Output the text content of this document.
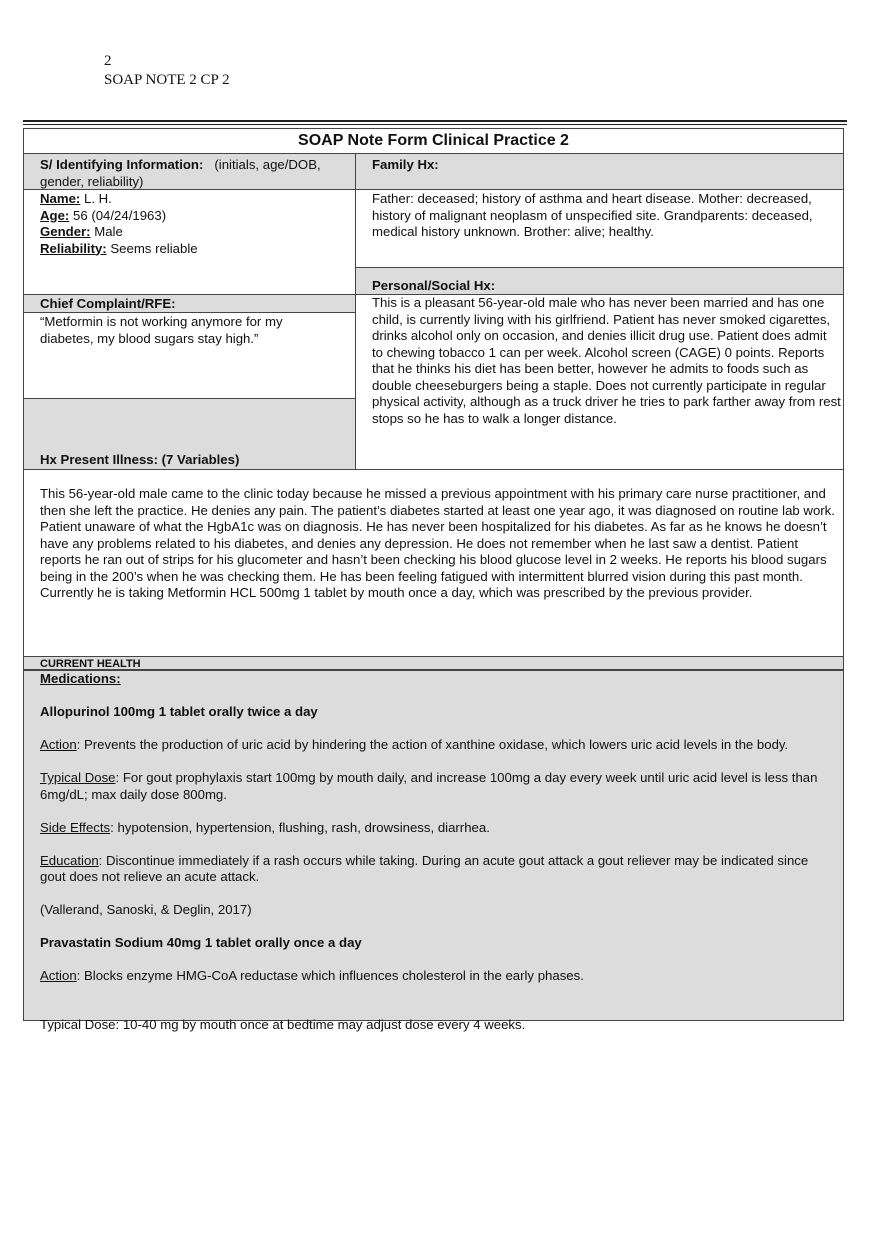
2
SOAP NOTE 2 CP 2
SOAP Note Form Clinical Practice 2
S/ Identifying Information: (initials, age/DOB, gender, reliability)
Family Hx:
Name: L. H.
Age: 56 (04/24/1963)
Gender: Male
Reliability: Seems reliable
Father: deceased; history of asthma and heart disease. Mother: decreased, history of malignant neoplasm of unspecified site. Grandparents: deceased, medical history unknown. Brother: alive; healthy.
Personal/Social Hx:
This is a pleasant 56-year-old male who has never been married and has one child, is currently living with his girlfriend. Patient has never smoked cigarettes, drinks alcohol only on occasion, and denies illicit drug use. Patient does admit to chewing tobacco 1 can per week. Alcohol screen (CAGE) 0 points. Reports that he thinks his diet has been better, however he admits to foods such as double cheeseburgers being a staple. Does not currently participate in regular physical activity, although as a truck driver he tries to park farther away from rest stops so he has to walk a longer distance.
Chief Complaint/RFE:
“Metformin is not working anymore for my diabetes, my blood sugars stay high.”
Hx Present Illness: (7 Variables)
This 56-year-old male came to the clinic today because he missed a previous appointment with his primary care nurse practitioner, and then she left the practice. He denies any pain. The patient’s diabetes started at least one year ago, it was diagnosed on routine lab work. Patient unaware of what the HgbA1c was on diagnosis. He has never been hospitalized for his diabetes. As far as he knows he doesn’t have any problems related to his diabetes, and denies any depression. He does not remember when he last saw a dentist. Patient reports he ran out of strips for his glucometer and hasn’t been checking his blood glucose level in 2 weeks. He reports his blood sugars being in the 200’s when he was checking them. He has been feeling fatigued with intermittent blurred vision during this past month. Currently he is taking Metformin HCL 500mg 1 tablet by mouth once a day, which was prescribed by the previous provider.
CURRENT HEALTH

Medications:

Allopurinol 100mg 1 tablet orally twice a day

Action: Prevents the production of uric acid by hindering the action of xanthine oxidase, which lowers uric acid levels in the body.

Typical Dose: For gout prophylaxis start 100mg by mouth daily, and increase 100mg a day every week until uric acid level is less than 6mg/dL; max daily dose 800mg.

Side Effects: hypotension, hypertension, flushing, rash, drowsiness, diarrhea.

Education: Discontinue immediately if a rash occurs while taking. During an acute gout attack a gout reliever may be indicated since gout does not relieve an acute attack.

(Vallerand, Sanoski, & Deglin, 2017)

Pravastatin Sodium 40mg 1 tablet orally once a day

Action: Blocks enzyme HMG-CoA reductase which influences cholesterol in the early phases.

Typical Dose: 10-40 mg by mouth once at bedtime may adjust dose every 4 weeks.
